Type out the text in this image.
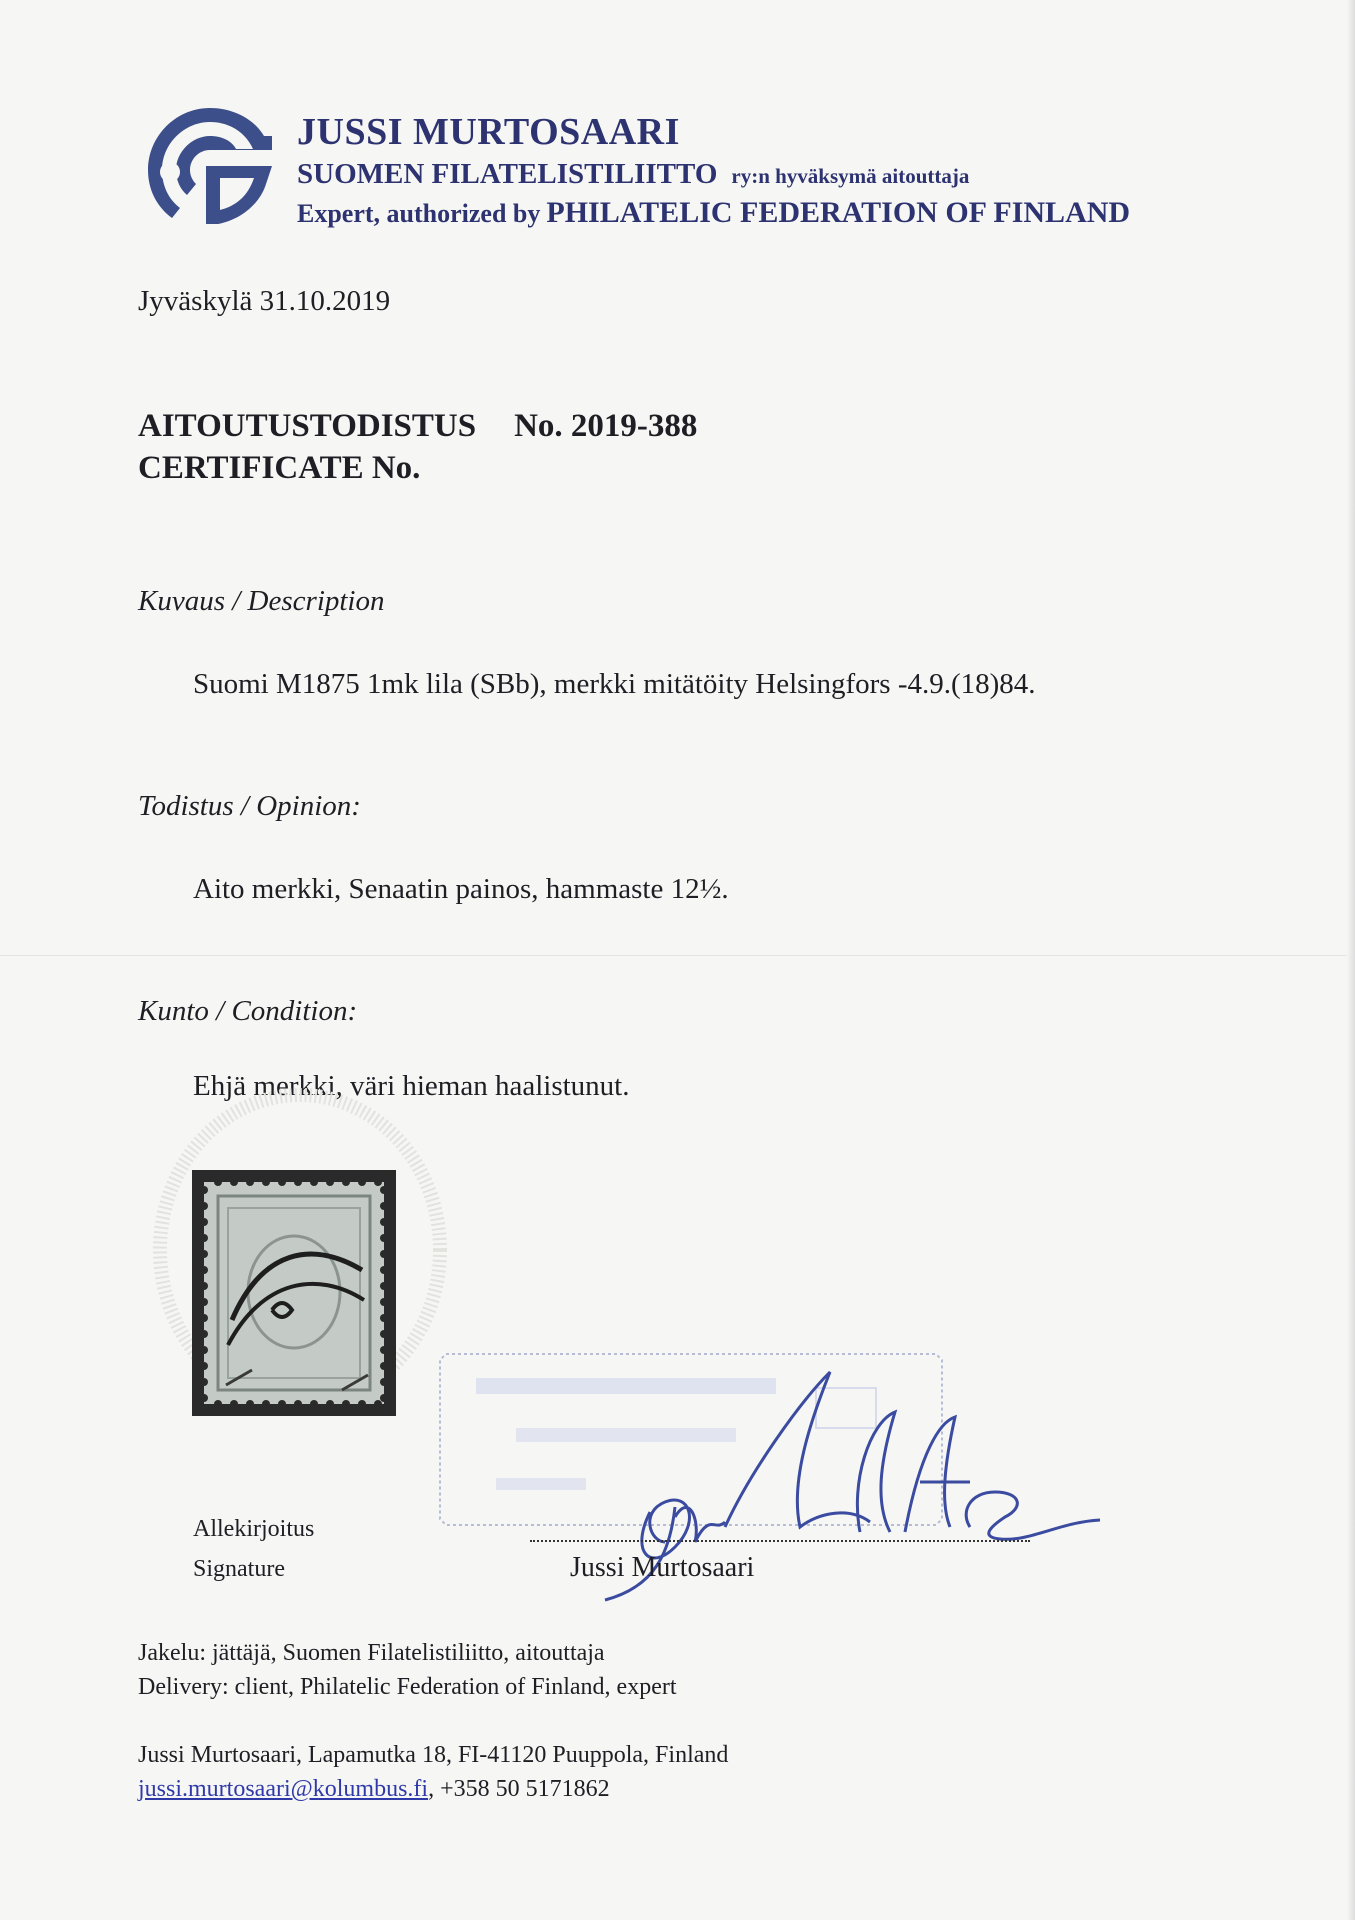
JUSSI MURTOSAARI
SUOMEN FILATELISTILIITTO ry:n hyväksymä aitouttaja
Expert, authorized by PHILATELIC FEDERATION OF FINLAND
Jyväskylä 31.10.2019
AITOUTUSTODISTUS No. 2019-388
CERTIFICATE No.
Kuvaus / Description
Suomi M1875 1mk lila (SBb), merkki mitätöity Helsingfors -4.9.(18)84.
Todistus / Opinion:
Aito merkki, Senaatin painos, hammaste 12½.
Kunto / Condition:
Ehjä merkki, väri hieman haalistunut.
Allekirjoitus
Signature	Jussi Murtosaari
Jakelu: jättäjä, Suomen Filatelistiliitto, aitouttaja
Delivery: client, Philatelic Federation of Finland, expert
Jussi Murtosaari, Lapamutka 18, FI-41120 Puuppola, Finland
jussi.murtosaari@kolumbus.fi, +358 50 5171862
